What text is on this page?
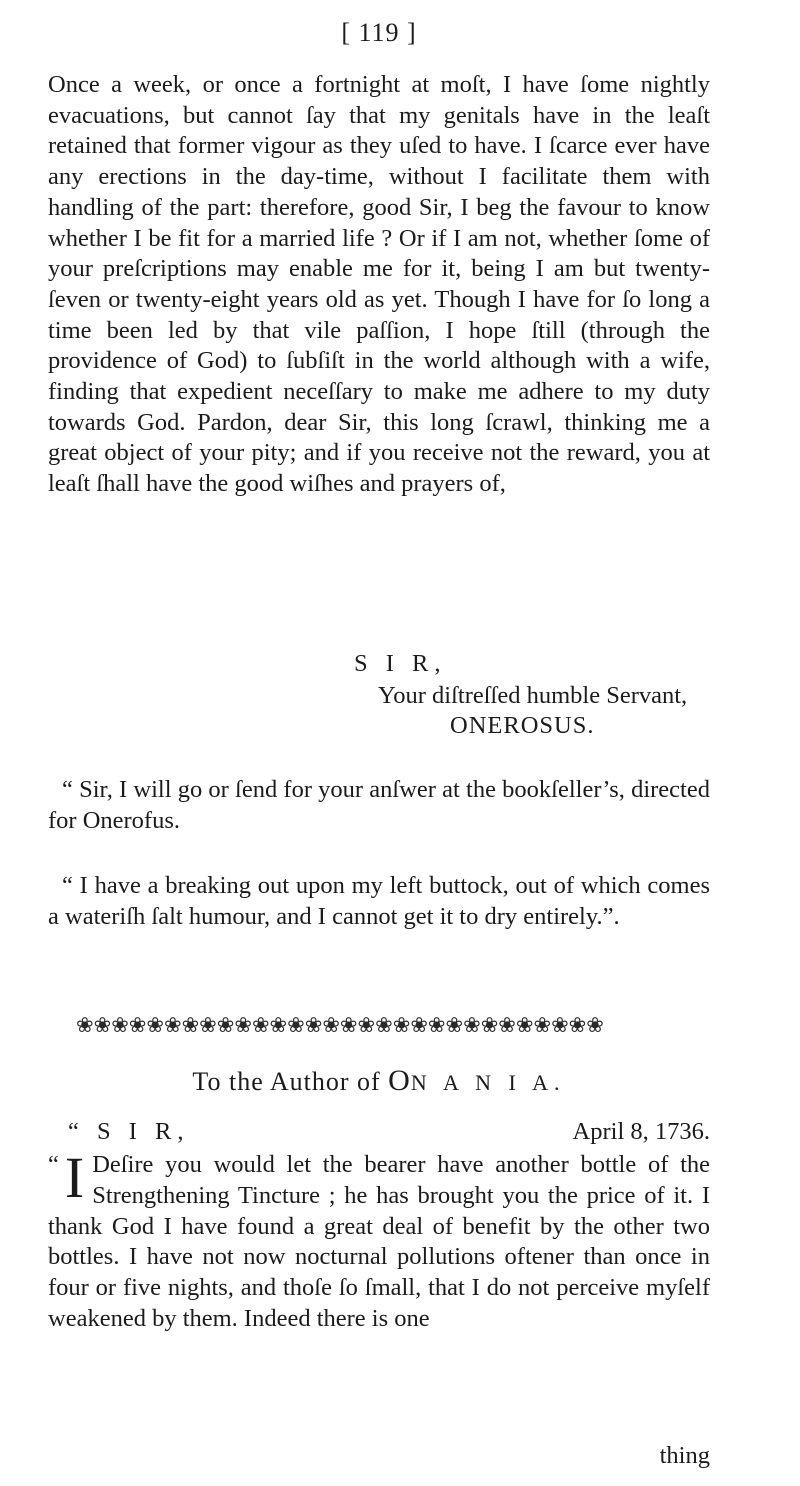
[ 119 ]

Once a week, or once a fortnight at moſt, I have ſome nightly evacuations, but cannot ſay that my genitals have in the leaſt retained that former vigour as they uſed to have. I ſcarce ever have any erections in the day-time, without I facilitate them with handling of the part: therefore, good Sir, I beg the favour to know whether I be fit for a married life ? Or if I am not, whether ſome of your preſcriptions may enable me for it, being I am but twenty-ſeven or twenty-eight years old as yet. Though I have for ſo long a time been led by that vile paſſion, I hope ſtill (through the providence of God) to ſubſiſt in the world although with a wife, finding that expedient neceſſary to make me adhere to my duty towards God. Pardon, dear Sir, this long ſcrawl, thinking me a great object of your pity; and if you receive not the reward, you at leaſt ſhall have the good wiſhes and prayers of,

S I R,
Your diſtreſſed humble Servant,
ONEROSUS.
“ Sir, I will go or ſend for your anſwer at the bookſeller’s, directed for Onerofus.
“ I have a breaking out upon my left buttock, out of which comes a wateriſh ſalt humour, and I cannot get it to dry entirely.”.
❀❀❀❀❀❀❀❀❀❀❀❀❀❀❀❀❀❀❀❀❀❀❀❀❀❀❀❀❀❀
To the Author of ON A N I A.
“ S I R,	April 8, 1736.

“ I Deſire you would let the bearer have another bottle of the Strengthening Tincture ; he has brought you the price of it. I thank God I have found a great deal of benefit by the other two bottles. I have not now nocturnal pollutions oftener than once in four or five nights, and thoſe ſo ſmall, that I do not perceive myſelf weakened by them. Indeed there is one

thing
